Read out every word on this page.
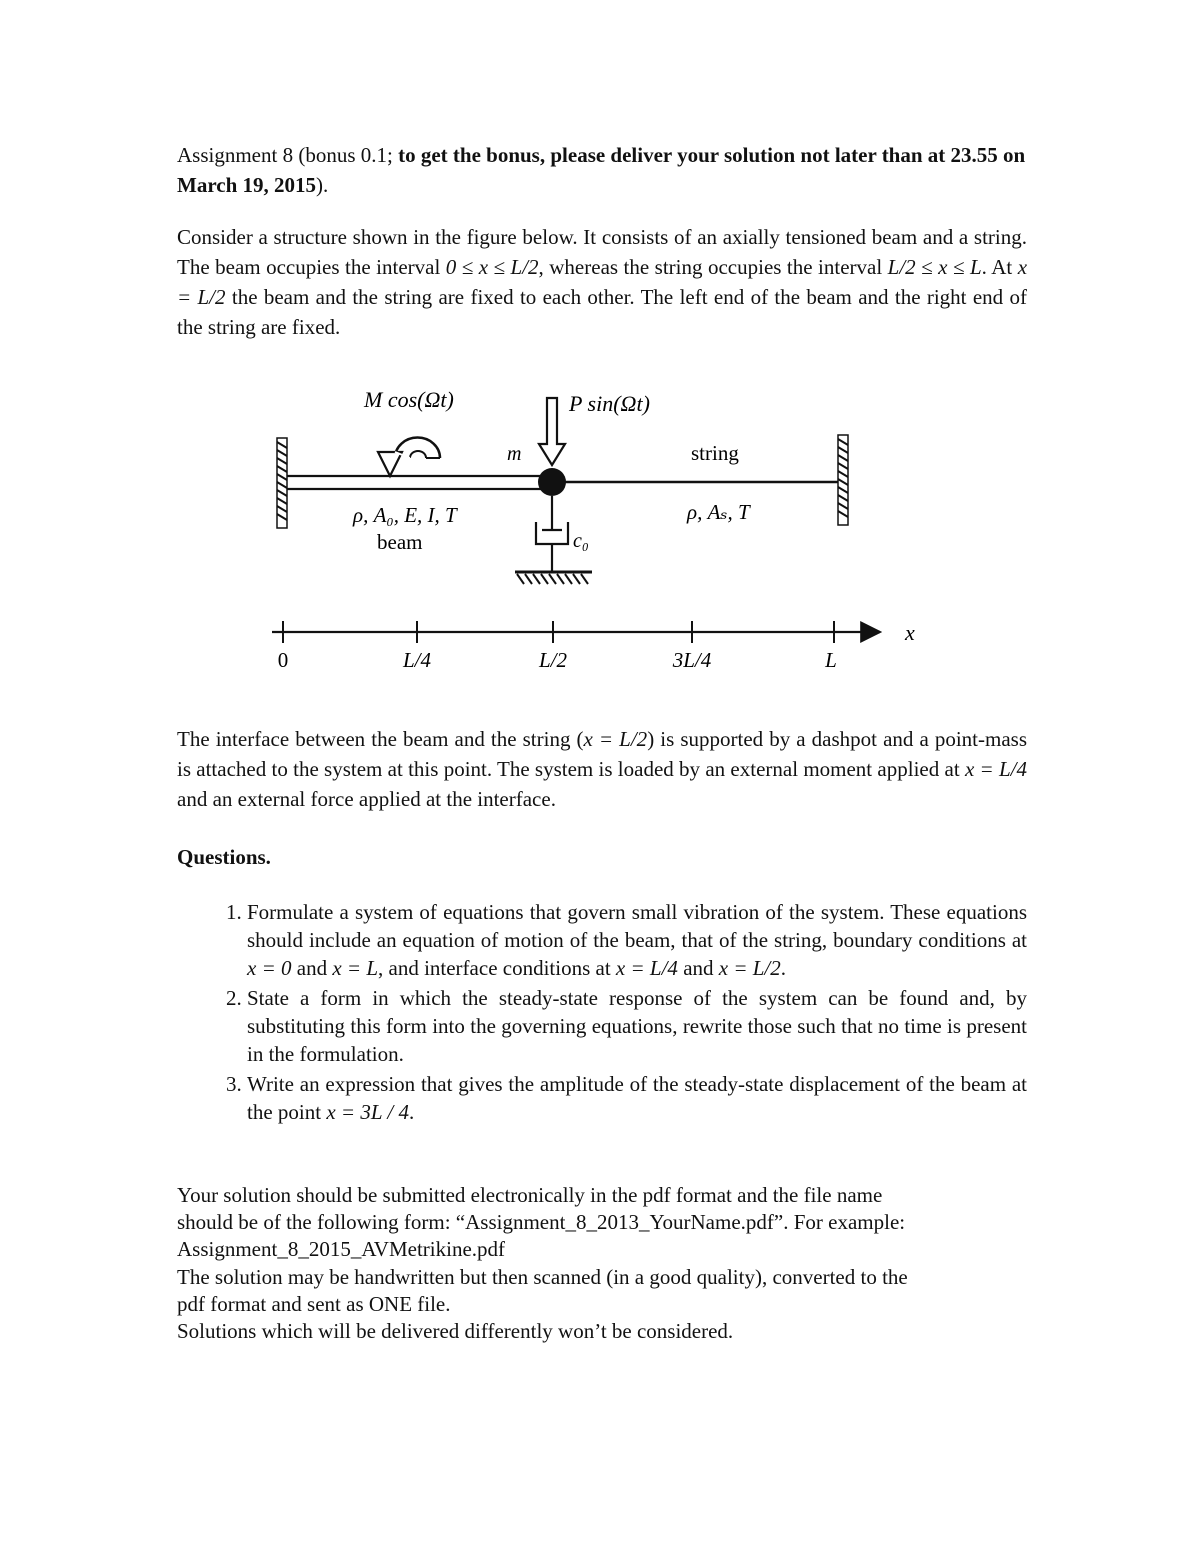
Assignment 8 (bonus 0.1; to get the bonus, please deliver your solution not later than at 23.55 on March 19, 2015).
Consider a structure shown in the figure below. It consists of an axially tensioned beam and a string. The beam occupies the interval 0 ≤ x ≤ L/2, whereas the string occupies the interval L/2 ≤ x ≤ L. At x = L/2 the beam and the string are fixed to each other. The left end of the beam and the right end of the string are fixed.
M cos(Ωt)	P sin(Ωt)
m	string
ρ, A₀, E, I, T
beam
ρ, Aₛ, T
c₀
x
0	L/4	L/2	3L/4	L
The interface between the beam and the string (x = L/2) is supported by a dashpot and a point-mass is attached to the system at this point. The system is loaded by an external moment applied at x = L/4 and an external force applied at the interface.
Questions.
1. Formulate a system of equations that govern small vibration of the system. These equations should include an equation of motion of the beam, that of the string, boundary conditions at x = 0 and x = L, and interface conditions at x = L/4 and x = L/2.
2. State a form in which the steady-state response of the system can be found and, by substituting this form into the governing equations, rewrite those such that no time is present in the formulation.
3. Write an expression that gives the amplitude of the steady-state displacement of the beam at the point x = 3L / 4.
Your solution should be submitted electronically in the pdf format and the file name
should be of the following form: “Assignment_8_2013_YourName.pdf”. For example:
Assignment_8_2015_AVMetrikine.pdf
The solution may be handwritten but then scanned (in a good quality), converted to the
pdf format and sent as ONE file.
Solutions which will be delivered differently won’t be considered.
